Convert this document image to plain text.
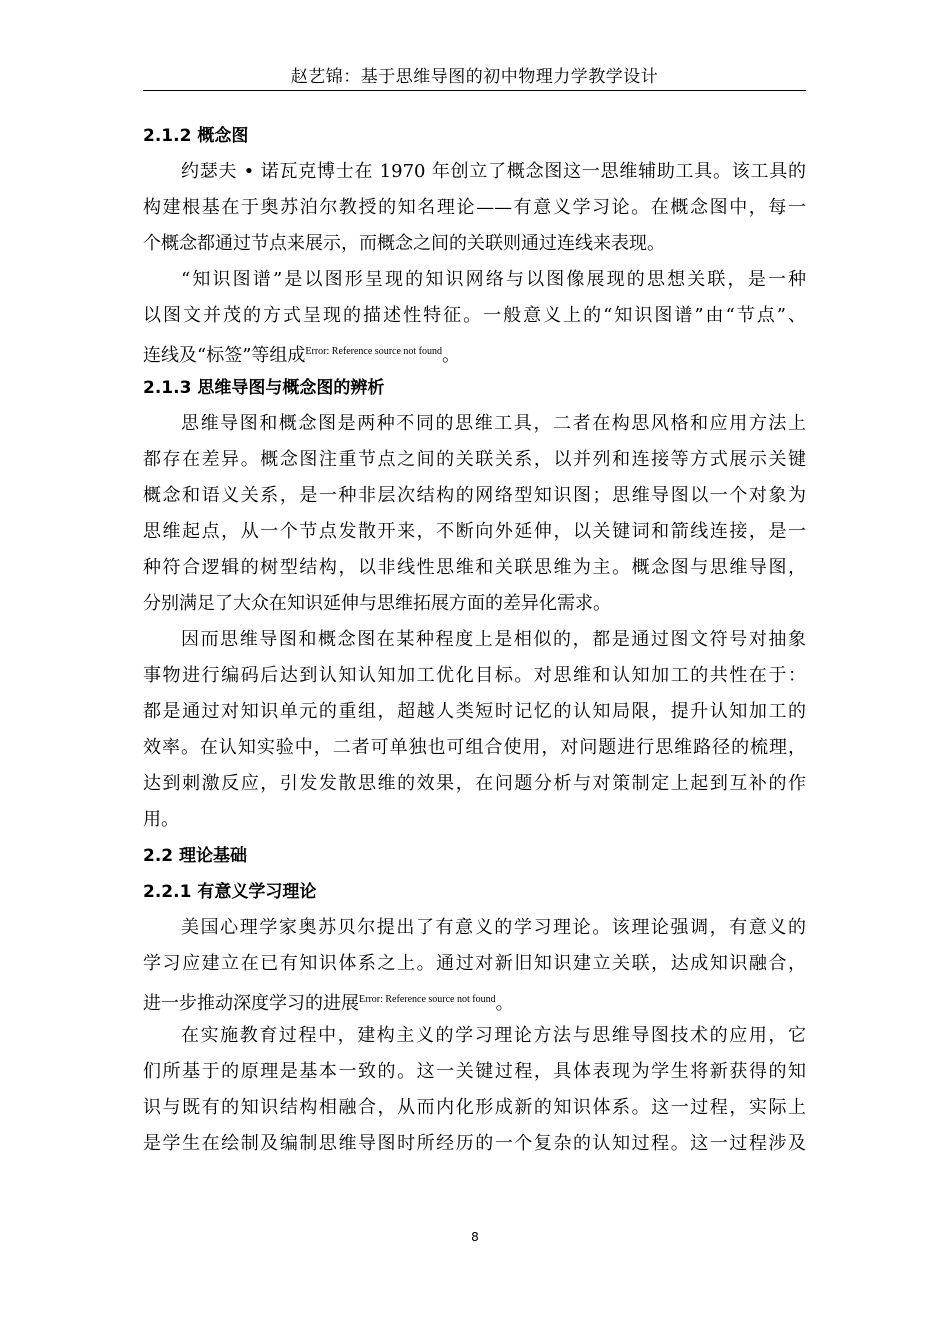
赵艺锦：基于思维导图的初中物理力学教学设计
2.1.2 概念图
约瑟夫 • 诺瓦克博士在 1970 年创立了概念图这一思维辅助工具。该工具的
构建根基在于奥苏泊尔教授的知名理论——有意义学习论。在概念图中，每一
个概念都通过节点来展示，而概念之间的关联则通过连线来表现。
“知识图谱”是以图形呈现的知识网络与以图像展现的思想关联，是一种
以图文并茂的方式呈现的描述性特征。一般意义上的“知识图谱”由“节点”、
连线及“标签”等组成$^{Error: Reference source not found}$。
2.1.3 思维导图与概念图的辨析
思维导图和概念图是两种不同的思维工具，二者在构思风格和应用方法上
都存在差异。概念图注重节点之间的关联关系，以并列和连接等方式展示关键
概念和语义关系，是一种非层次结构的网络型知识图；思维导图以一个对象为
思维起点，从一个节点发散开来，不断向外延伸，以关键词和箭线连接，是一
种符合逻辑的树型结构，以非线性思维和关联思维为主。概念图与思维导图，
分别满足了大众在知识延伸与思维拓展方面的差异化需求。
因而思维导图和概念图在某种程度上是相似的，都是通过图文符号对抽象
事物进行编码后达到认知认知加工优化目标。对思维和认知加工的共性在于：
都是通过对知识单元的重组，超越人类短时记忆的认知局限，提升认知加工的
效率。在认知实验中，二者可单独也可组合使用，对问题进行思维路径的梳理，
达到刺激反应，引发发散思维的效果，在问题分析与对策制定上起到互补的作
用。
2.2 理论基础
2.2.1 有意义学习理论
美国心理学家奥苏贝尔提出了有意义的学习理论。该理论强调，有意义的
学习应建立在已有知识体系之上。通过对新旧知识建立关联，达成知识融合，
进一步推动深度学习的进展$^{Error: Reference source not found}$。
在实施教育过程中，建构主义的学习理论方法与思维导图技术的应用，它
们所基于的原理是基本一致的。这一关键过程，具体表现为学生将新获得的知
识与既有的知识结构相融合，从而内化形成新的知识体系。这一过程，实际上
是学生在绘制及编制思维导图时所经历的一个复杂的认知过程。这一过程涉及
8
